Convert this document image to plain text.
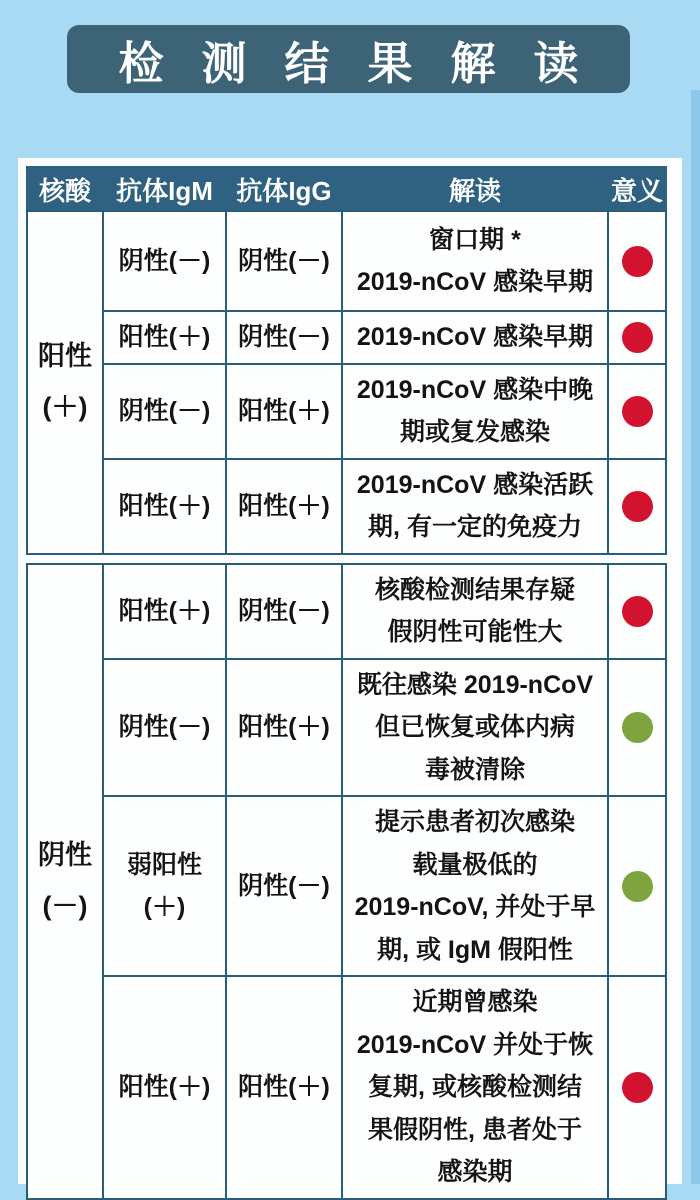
检测结果解读
核酸	抗体IgM	抗体IgG	解读	意义

阳性
(＋)
	阴性(－)	阴性(－)	
窗口期 *
2019-nCoV 感染早期

	阳性(＋)	阴性(－)	2019-nCoV 感染早期	

	阴性(－)	阳性(＋)	2019-nCoV 感染中晚
期或复发感染	

	阳性(＋)	阳性(＋)	2019-nCoV 感染活跃
期, 有一定的免疫力	

阴性
(－)
	阳性(＋)	阴性(－)	
核酸检测结果存疑
假阴性可能性大

	阴性(－)	阳性(＋)	既往感染 2019-nCoV
但已恢复或体内病
毒被清除	

弱阳性
(＋)
	阴性(－)	
提示患者初次感染
载量极低的
2019-nCoV, 并处于早
期, 或 IgM 假阳性

	阳性(＋)	阳性(＋)	近期曾感染
2019-nCoV 并处于恢
复期, 或核酸检测结
果假阴性, 患者处于
感染期	
